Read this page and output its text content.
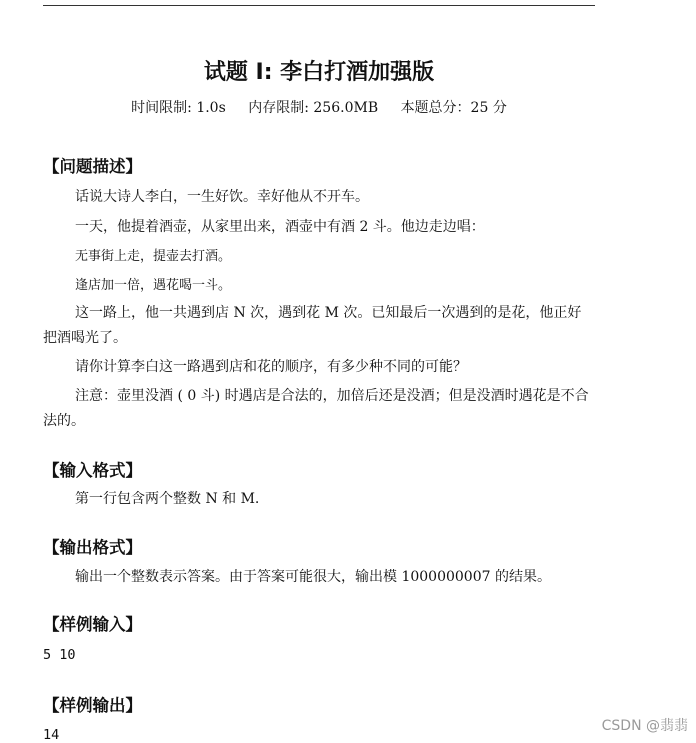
试题 I: 李白打酒加强版
时间限制: 1.0s 内存限制: 256.0MB 本题总分：25 分
【问题描述】
话说大诗人李白，一生好饮。幸好他从不开车。
一天，他提着酒壶，从家里出来，酒壶中有酒 2 斗。他边走边唱：
无事街上走，提壶去打酒。
逢店加一倍，遇花喝一斗。
这一路上，他一共遇到店 N 次，遇到花 M 次。已知最后一次遇到的是花，他正好把酒喝光了。
请你计算李白这一路遇到店和花的顺序，有多少种不同的可能？
注意：壶里没酒 ( 0 斗) 时遇店是合法的，加倍后还是没酒；但是没酒时遇花是不合法的。
【输入格式】
第一行包含两个整数 N 和 M.
【输出格式】
输出一个整数表示答案。由于答案可能很大，输出模 1000000007 的结果。
【样例输入】
5 10
【样例输出】
14
CSDN @翡翡
